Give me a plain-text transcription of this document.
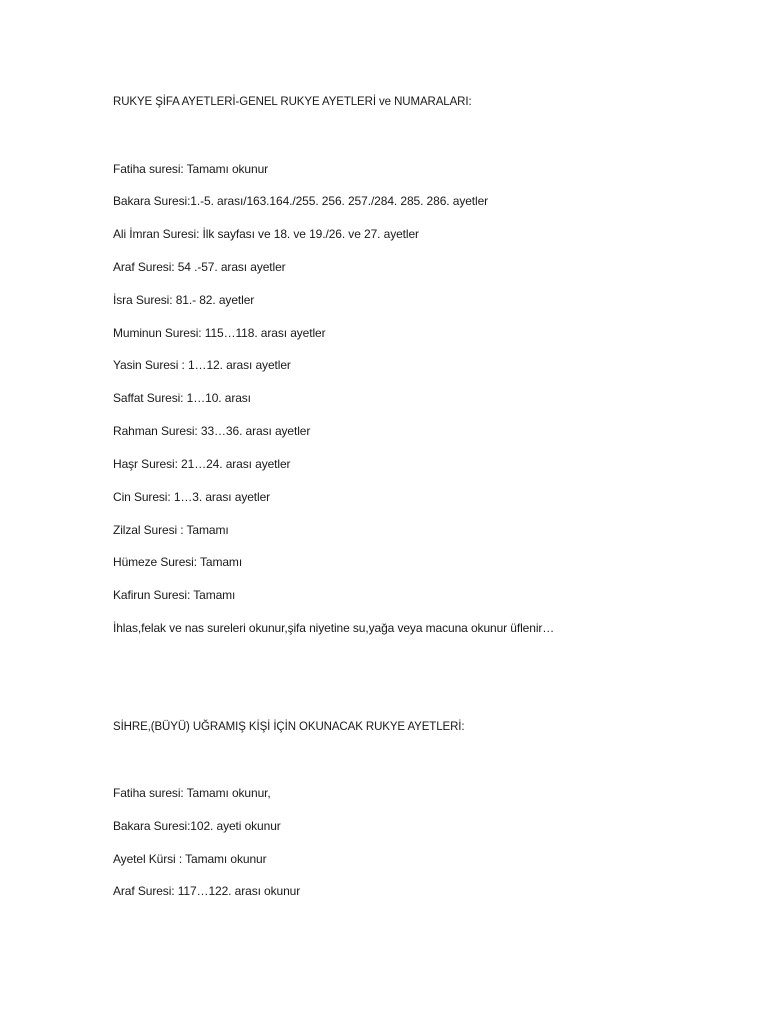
RUKYE ŞİFA AYETLERİ-GENEL RUKYE AYETLERİ ve NUMARALARI:
Fatiha suresi: Tamamı okunur
Bakara Suresi:1.-5. arası/163.164./255. 256. 257./284. 285. 286. ayetler
Ali İmran Suresi: İlk sayfası ve 18. ve 19./26. ve 27. ayetler
Araf Suresi: 54 .-57. arası ayetler
İsra Suresi: 81.- 82. ayetler
Muminun Suresi: 115…118. arası ayetler
Yasin Suresi : 1…12. arası ayetler
Saffat Suresi: 1…10. arası
Rahman Suresi: 33…36. arası ayetler
Haşr Suresi: 21…24. arası ayetler
Cin Suresi: 1…3. arası ayetler
Zilzal Suresi : Tamamı
Hümeze Suresi: Tamamı
Kafirun Suresi: Tamamı
İhlas,felak ve nas sureleri okunur,şifa niyetine su,yağa veya macuna okunur üflenir…
SİHRE,(BÜYÜ) UĞRAMIŞ KİŞİ İÇİN OKUNACAK RUKYE AYETLERİ:
Fatiha suresi: Tamamı okunur,
Bakara Suresi:102. ayeti okunur
Ayetel Kürsi : Tamamı okunur
Araf Suresi: 117…122. arası okunur
